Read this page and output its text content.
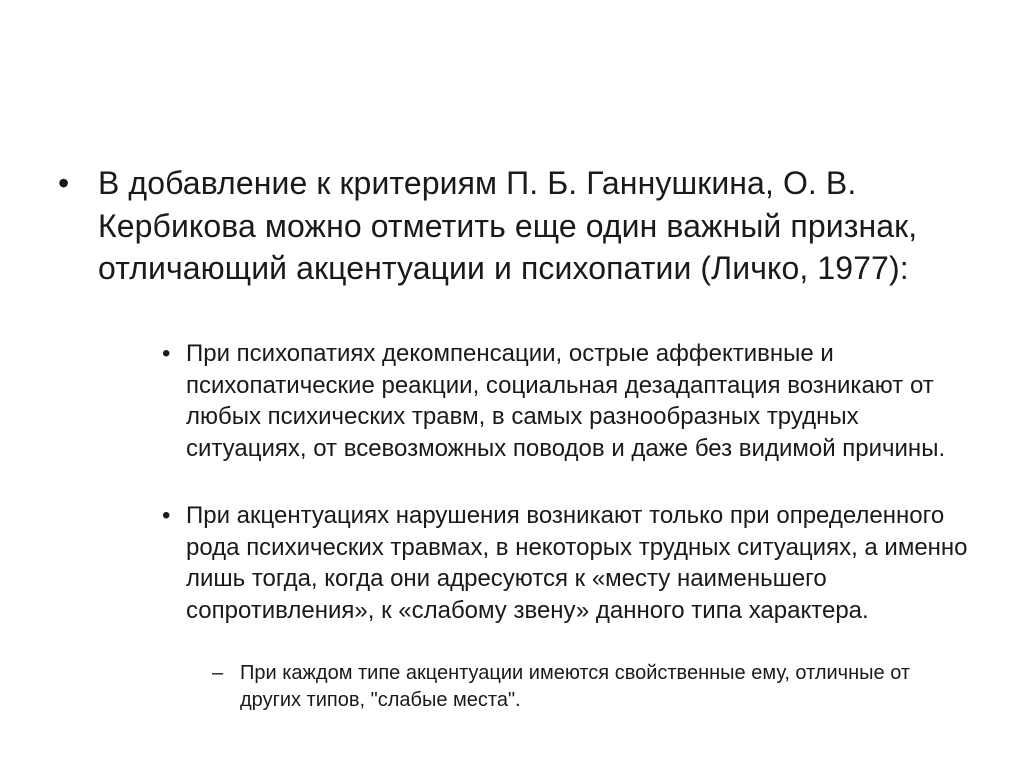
• В добавление к критериям П. Б. Ганнушкина, О. В. Кербикова можно отметить еще один важный признак, отличающий акцентуации и психопатии (Личко, 1977):
• При психопатиях декомпенсации, острые аффективные и психопатические реакции, социальная дезадаптация возникают от любых психических травм, в самых разнообразных трудных ситуациях, от всевозможных поводов и даже без видимой причины.
• При акцентуациях нарушения возникают только при определенного рода психических травмах, в некоторых трудных ситуациях, а именно лишь тогда, когда они адресуются к «месту наименьшего сопротивления», к «слабому звену» данного типа характера.
– При каждом типе акцентуации имеются свойственные ему, отличные от других типов, "слабые места".
